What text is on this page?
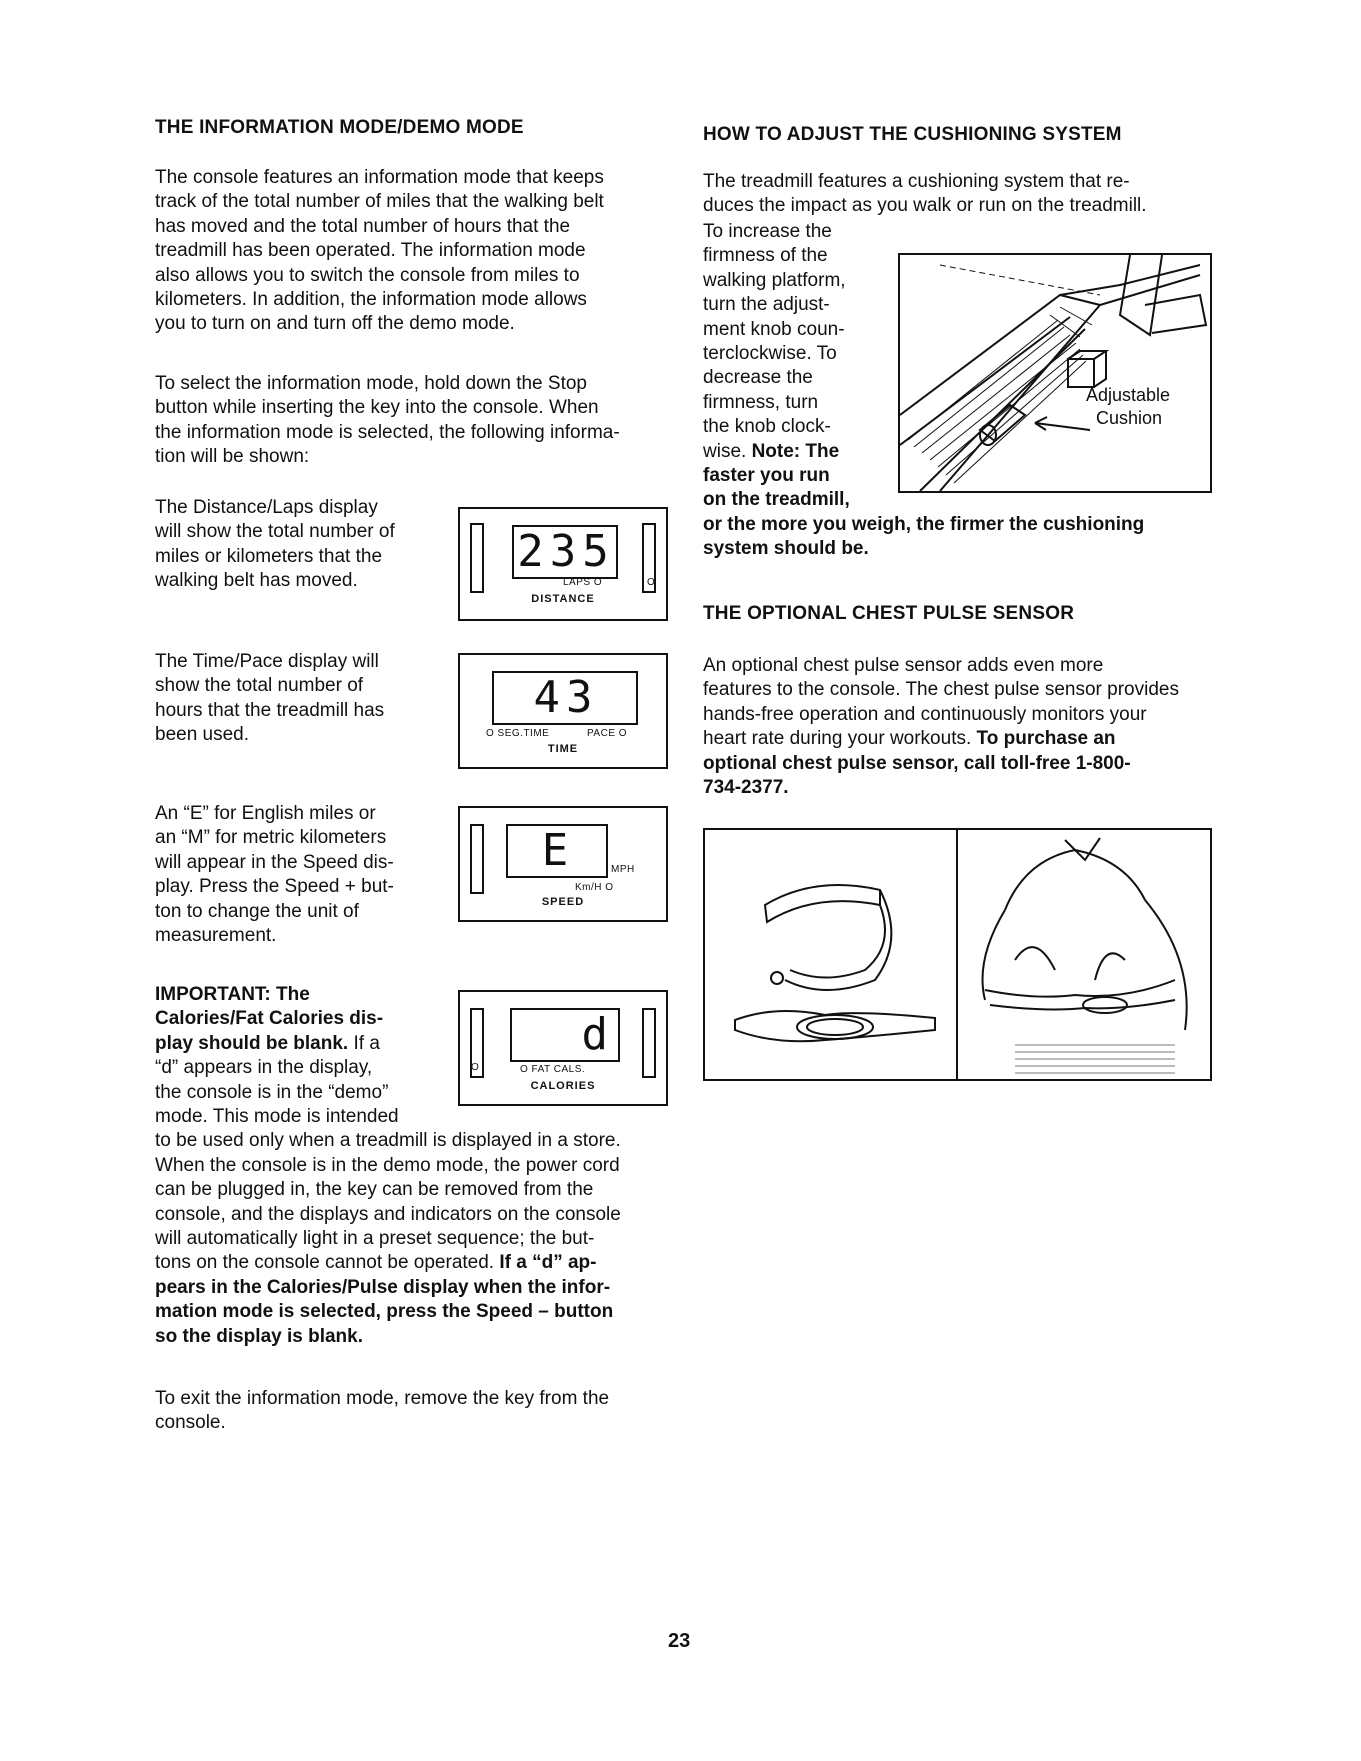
THE INFORMATION MODE/DEMO MODE
The console features an information mode that keeps
track of the total number of miles that the walking belt
has moved and the total number of hours that the
treadmill has been operated. The information mode
also allows you to switch the console from miles to
kilometers. In addition, the information mode allows
you to turn on and turn off the demo mode.
To select the information mode, hold down the Stop
button while inserting the key into the console. When
the information mode is selected, the following informa-
tion will be shown:
The Distance/Laps display
will show the total number of
miles or kilometers that the
walking belt has moved.
The Time/Pace display will
show the total number of
hours that the treadmill has
been used.
An “E” for English miles or
an “M” for metric kilometers
will appear in the Speed dis-
play. Press the Speed + but-
ton to change the unit of
measurement.
IMPORTANT: The
Calories/Fat Calories dis-
play should be blank. If a
“d” appears in the display,
the console is in the “demo”
mode. This mode is intended
to be used only when a treadmill is displayed in a store.
When the console is in the demo mode, the power cord
can be plugged in, the key can be removed from the
console, and the displays and indicators on the console
will automatically light in a preset sequence; the but-
tons on the console cannot be operated. If a “d” ap-
pears in the Calories/Pulse display when the infor-
mation mode is selected, press the Speed – button
so the display is blank.
To exit the information mode, remove the key from the
console.
235
LAPS O	O
DISTANCE
43
O SEG.TIME	PACE O
TIME
E	MPH
Km/H O
SPEED
d
O	O FAT CALS.
CALORIES
HOW TO ADJUST THE CUSHIONING SYSTEM
The treadmill features a cushioning system that re-
duces the impact as you walk or run on the treadmill.
To increase the
firmness of the
walking platform,
turn the adjust-
ment knob coun-
terclockwise. To
decrease the
firmness, turn
the knob clock-
wise. Note: The
faster you run
on the treadmill,
or the more you weigh, the firmer the cushioning
system should be.
Adjustable
Cushion
THE OPTIONAL CHEST PULSE SENSOR
An optional chest pulse sensor adds even more
features to the console. The chest pulse sensor provides
hands-free operation and continuously monitors your
heart rate during your workouts. To purchase an
optional chest pulse sensor, call toll-free 1-800-
734-2377.
23
